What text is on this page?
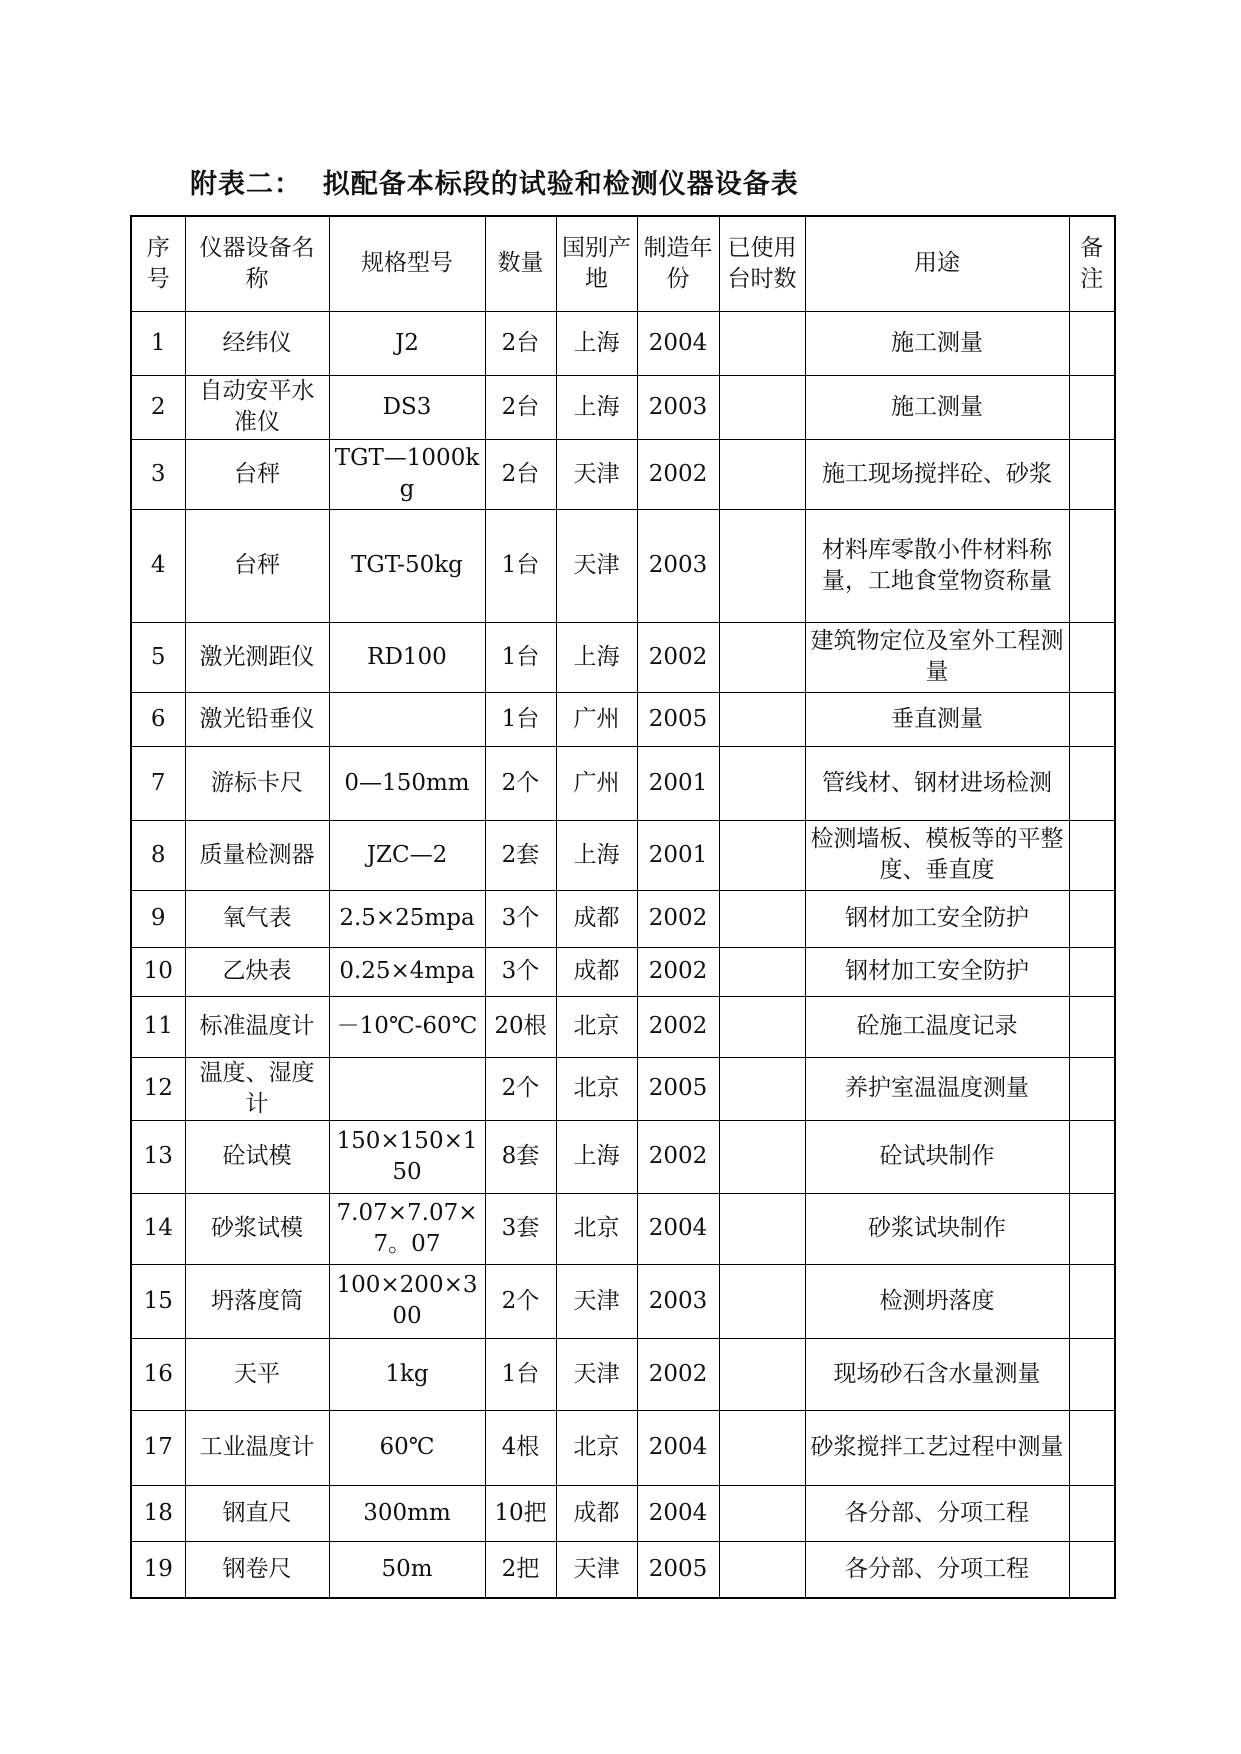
附表二：  拟配备本标段的试验和检测仪器设备表
序号	仪器设备名称	规格型号	数量	国别产地	制造年份	已使用台时数	用途	备注
1	经纬仪	J2	2台	上海	2004		施工测量	
2	自动安平水准仪	DS3	2台	上海	2003		施工测量	
3	台秤	TGT—1000kg	2台	天津	2002		施工现场搅拌砼、砂浆	
4	台秤	TGT-50kg	1台	天津	2003		材料库零散小件材料称量，工地食堂物资称量	
5	激光测距仪	RD100	1台	上海	2002		建筑物定位及室外工程测量	
6	激光铅垂仪		1台	广州	2005		垂直测量	
7	游标卡尺	0—150mm	2个	广州	2001		管线材、钢材进场检测	
8	质量检测器	JZC—2	2套	上海	2001		检测墙板、模板等的平整度、垂直度	
9	氧气表	2.5×25mpa	3个	成都	2002		钢材加工安全防护	
10	乙炔表	0.25×4mpa	3个	成都	2002		钢材加工安全防护	
11	标准温度计	－10℃-60℃	20根	北京	2002		砼施工温度记录	
12	温度、湿度计		2个	北京	2005		养护室温温度测量	
13	砼试模	150×150×150	8套	上海	2002		砼试块制作	
14	砂浆试模	7.07×7.07×7。07	3套	北京	2004		砂浆试块制作	
15	坍落度筒	100×200×300	2个	天津	2003		检测坍落度	
16	天平	1kg	1台	天津	2002		现场砂石含水量测量	
17	工业温度计	60℃	4根	北京	2004		砂浆搅拌工艺过程中测量	
18	钢直尺	300mm	10把	成都	2004		各分部、分项工程	
19	钢卷尺	50m	2把	天津	2005		各分部、分项工程	
